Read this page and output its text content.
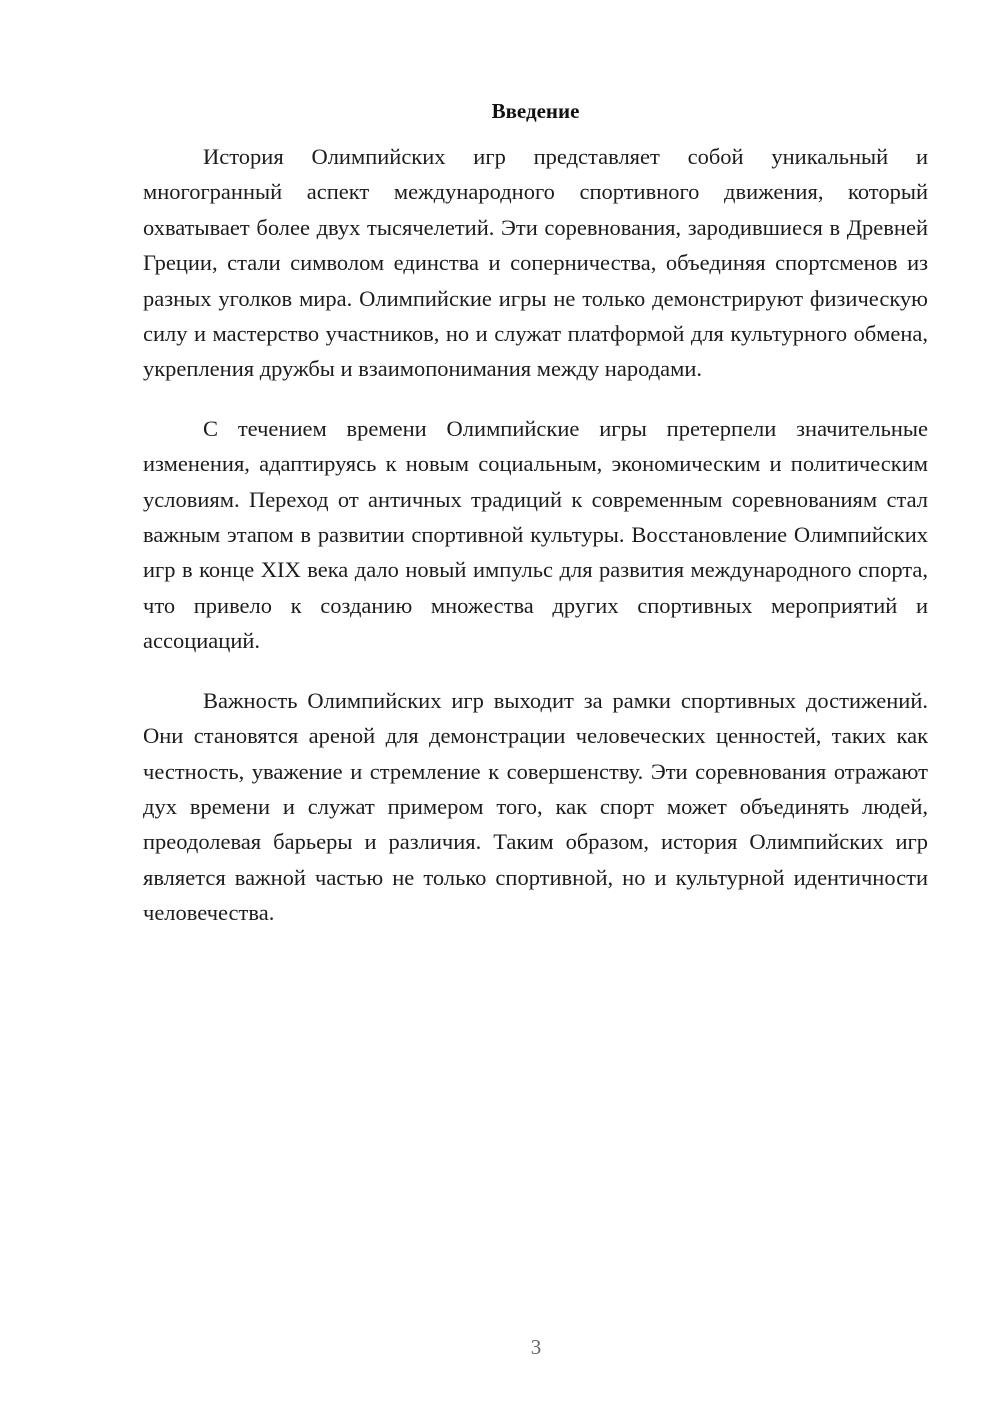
Введение

История Олимпийских игр представляет собой уникальный и многогранный аспект международного спортивного движения, который охватывает более двух тысячелетий. Эти соревнования, зародившиеся в Древней Греции, стали символом единства и соперничества, объединяя спортсменов из разных уголков мира. Олимпийские игры не только демонстрируют физическую силу и мастерство участников, но и служат платформой для культурного обмена, укрепления дружбы и взаимопонимания между народами.

С течением времени Олимпийские игры претерпели значительные изменения, адаптируясь к новым социальным, экономическим и политическим условиям. Переход от античных традиций к современным соревнованиям стал важным этапом в развитии спортивной культуры. Восстановление Олимпийских игр в конце XIX века дало новый импульс для развития международного спорта, что привело к созданию множества других спортивных мероприятий и ассоциаций.

Важность Олимпийских игр выходит за рамки спортивных достижений. Они становятся ареной для демонстрации человеческих ценностей, таких как честность, уважение и стремление к совершенству. Эти соревнования отражают дух времени и служат примером того, как спорт может объединять людей, преодолевая барьеры и различия. Таким образом, история Олимпийских игр является важной частью не только спортивной, но и культурной идентичности человечества.

3
